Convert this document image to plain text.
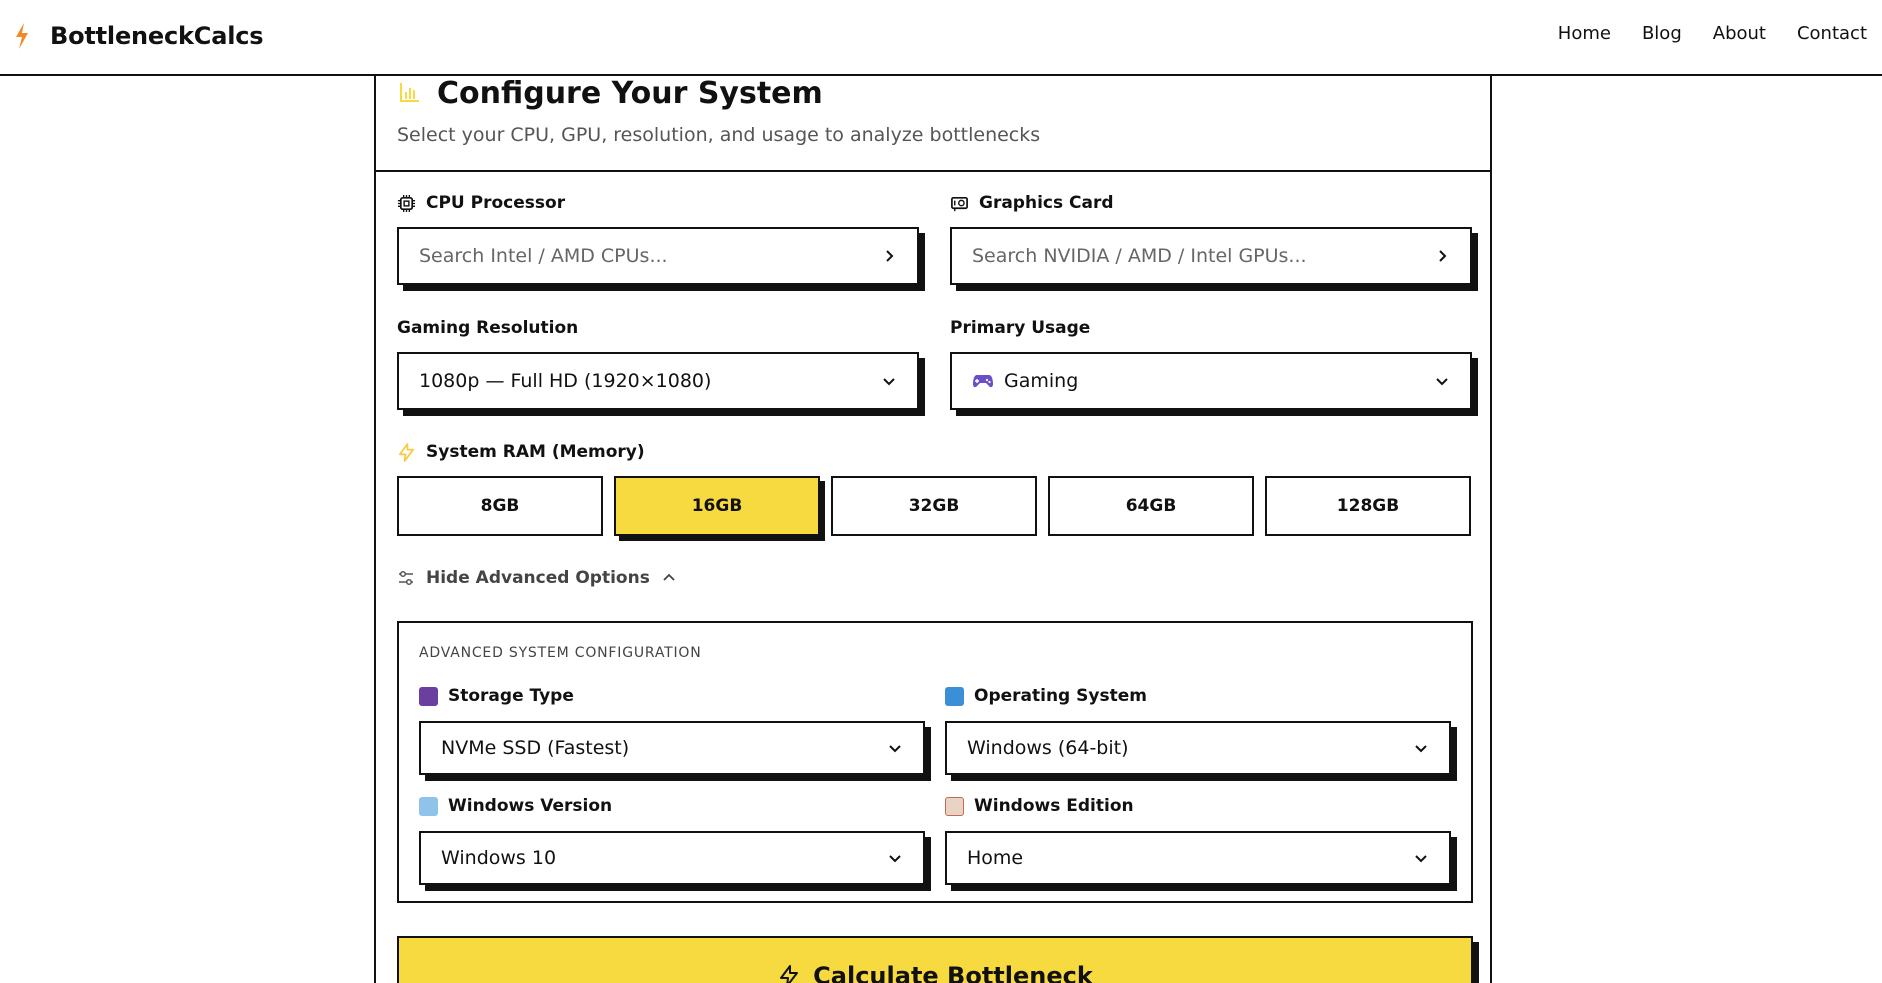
BottleneckCalcs	Home Blog About Contact
Configure Your System
Select your CPU, GPU, resolution, and usage to analyze bottlenecks
CPU Processor
Search Intel / AMD CPUs...
Graphics Card
Search NVIDIA / AMD / Intel GPUs...
Gaming Resolution
1080p — Full HD (1920×1080)
Primary Usage
Gaming
System RAM (Memory)
8GB	16GB	32GB	64GB	128GB
Hide Advanced Options
ADVANCED SYSTEM CONFIGURATION
Storage Type
NVMe SSD (Fastest)
Operating System
Windows (64-bit)
Windows Version
Windows 10
Windows Edition
Home
Calculate Bottleneck
